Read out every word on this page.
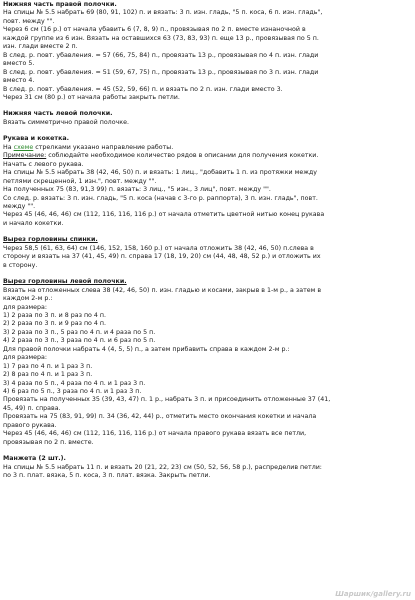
Нижняя часть правой полочки.
На спицы № 5.5 набрать 69 (80, 91, 102) п. и вязать: 3 п. изн. гладь, "5 п. коса, 6 п. изн. гладь",
повт. между "".
Через 6 см (16 р.) от начала убавить 6 (7, 8, 9) п., провязывая по 2 п. вместе изнаночной в
каждой группе из 6 изн. Вязать на оставшихся 63 (73, 83, 93) п. еще 13 р., провязывая по 5 п.
изн. глади вместе 2 п.
В след. р. повт. убавления. = 57 (66, 75, 84) п., провязать 13 р., провязывая по 4 п. изн. глади
вместо 5.
В след. р. повт. убавления. = 51 (59, 67, 75) п., провязать 13 р., провязывая по 3 п. изн. глади
вместо 4.
В след. р. повт. убавления. = 45 (52, 59, 66) п. и вязать по 2 п. изн. глади вместо 3.
Через 31 см (80 р.) от начала работы закрыть петли.
Нижняя часть левой полочки.
Вязать симметрично правой полочке.
Рукава и кокетка.
На схеме стрелками указано направление работы.
Примечание: соблюдайте необходимое количество рядов в описании для получения кокетки.
Начать с левого рукава.
На спицы № 5.5 набрать 38 (42, 46, 50) п. и вязать: 1 лиц., "добавить 1 п. из протяжки между
петлями скрещенной, 1 изн.", повт. между "".
На полученных 75 (83, 91,3 99) п. вязать: 3 лиц., "5 изн., 3 лиц", повт. между "".
Со след. р. вязать: 3 п. изн. гладь, "5 п. коса (начав с 3-го р. раппорта), 3 п. изн. гладь", повт.
между "".
Через 45 (46, 46, 46) см (112, 116, 116, 116 р.) от начала отметить цветной нитью конец рукава
и начало кокетки.
Вырез горловины спинки.
Через 58,5 (61, 63, 64) см (146, 152, 158, 160 р.) от начала отложить 38 (42, 46, 50) п.слева в
сторону и вязать на 37 (41, 45, 49) п. справа 17 (18, 19, 20) см (44, 48, 48, 52 р.) и отложить их
в сторону.
Вырез горловины левой полочки.
Вязать на отложенных слева 38 (42, 46, 50) п. изн. гладью и косами, закрыв в 1-м р., а затем в
каждом 2-м р.:
для размера:
1) 2 раза по 3 п. и 8 раз по 4 п.
2) 2 раза по 3 п. и 9 раз по 4 п.
3) 2 раза по 3 п., 5 раз по 4 п. и 4 раза по 5 п.
4) 2 раза по 3 п., 3 раза по 4 п. и 6 раз по 5 п.
Для правой полочки набрать 4 (4, 5, 5) п., а затем прибавить справа в каждом 2-м р.:
для размера:
1) 7 раз по 4 п. и 1 раз 3 п.
2) 8 раз по 4 п. и 1 раз 3 п.
3) 4 раза по 5 п., 4 раза по 4 п. и 1 раз 3 п.
4) 6 раз по 5 п., 3 раза по 4 п. и 1 раз 3 п.
Провязать на полученных 35 (39, 43, 47) п. 1 р., набрать 3 п. и присоединить отложенные 37 (41,
45, 49) п. справа.
Провязать на 75 (83, 91, 99) п. 34 (36, 42, 44) р., отметить место окончания кокетки и начала
правого рукава.
Через 45 (46, 46, 46) см (112, 116, 116, 116 р.) от начала правого рукава вязать все петли,
провязывая по 2 п. вместе.
Манжета (2 шт.).
На спицы № 5.5 набрать 11 п. и вязать 20 (21, 22, 23) см (50, 52, 56, 58 р.), распределив петли:
по 3 п. плат. вязка, 5 п. коса, 3 п. плат. вязка. Закрыть петли.
Шаршик/gallery.ru
